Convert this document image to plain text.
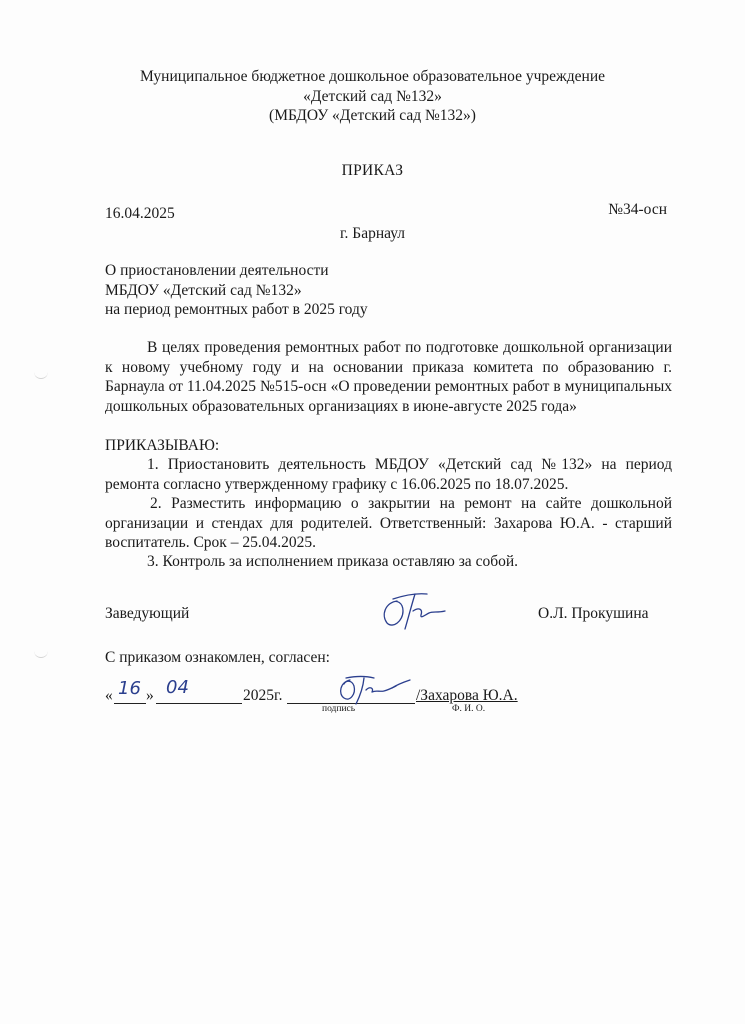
Муниципальное бюджетное дошкольное образовательное учреждение
«Детский сад №132»
(МБДОУ «Детский сад №132»)
ПРИКАЗ
16.04.2025	№34-осн
г. Барнаул
О приостановлении деятельности
МБДОУ «Детский сад №132»
на период ремонтных работ в 2025 году
В целях проведения ремонтных работ по подготовке дошкольной организации к новому учебному году и на основании приказа комитета по образованию г. Барнаула от 11.04.2025 №515-осн «О проведении ремонтных работ в муниципальных дошкольных образовательных организациях в июне-августе 2025 года»
ПРИКАЗЫВАЮ:
1. Приостановить деятельность МБДОУ «Детский сад №132» на период ремонта согласно утвержденному графику с 16.06.2025 по 18.07.2025.
2. Разместить информацию о закрытии на ремонт на сайте дошкольной организации и стендах для родителей. Ответственный: Захарова Ю.А. - старший воспитатель. Срок – 25.04.2025.
3. Контроль за исполнением приказа оставляю за собой.
Заведующий	О.Л. Прокушина
С приказом ознакомлен, согласен:
« 16 » 04	2025г.	/Захарова Ю.А.
подпись	Ф. И. О.
